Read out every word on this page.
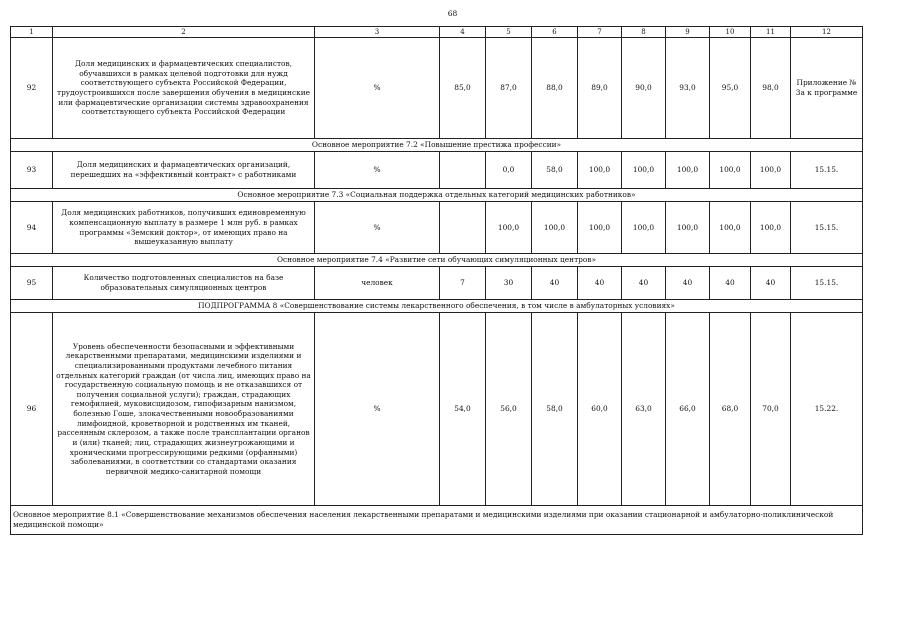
68
1	2	3	4	5	6	7	8	9	10	11	12
92	Доля медицинских и фармацевтических специалистов, обучавшихся в рамках целевой подготовки для нужд соответствующего субъекта Российской Федерации, трудоустроившихся после завершения обучения в медицинские или фармацевтические организации системы здравоохранения соответствующего субъекта Российской Федерации	%	85,0	87,0	88,0	89,0	90,0	93,0	95,0	98,0	Приложение № 3а к программе
Основное мероприятие 7.2 «Повышение престижа профессии»											
93	Доля медицинских и фармацевтических организаций, перешедших на «эффективный контракт» с работниками	%		0,0	58,0	100,0	100,0	100,0	100,0	100,0	15.15.
Основное мероприятие 7.3 «Социальная поддержка отдельных категорий медицинских работников»											
94	Доля медицинских работников, получивших единовременную компенсационную выплату в размере 1 млн руб. в рамках программы «Земский доктор», от имеющих право на вышеуказанную выплату	%		100,0	100,0	100,0	100,0	100,0	100,0	100,0	15.15.
Основное мероприятие 7.4 «Развитие сети обучающих симуляционных центров»											
95	Количество подготовленных специалистов на базе образовательных симуляционных центров	человек	7	30	40	40	40	40	40	40	15.15.
ПОДПРОГРАММА 8 «Совершенствование системы лекарственного обеспечения, в том числе в амбулаторных условиях»											
96	Уровень обеспеченности безопасными и эффективными лекарственными препаратами, медицинскими изделиями и специализированными продуктами лечебного питания отдельных категорий граждан (от числа лиц, имеющих право на государственную социальную помощь и не отказавшихся от получения социальной услуги); граждан, страдающих гемофилией, муковисцидозом, гипофизарным нанизмом, болезнью Гоше, злокачественными новообразованиями лимфоидной, кроветворной и родственных им тканей, рассеянным склерозом, а также после трансплантации органов и (или) тканей; лиц, страдающих жизнеугрожающими и хроническими прогрессирующими редкими (орфанными) заболеваниями, в соответствии со стандартами оказания первичной медико-санитарной помощи	%	54,0	56,0	58,0	60,0	63,0	66,0	68,0	70,0	15.22.
Основное мероприятие 8.1 «Совершенствование механизмов обеспечения населения лекарственными препаратами и медицинскими изделиями при оказании стационарной и амбулаторно-поликлинической медицинской помощи»											
